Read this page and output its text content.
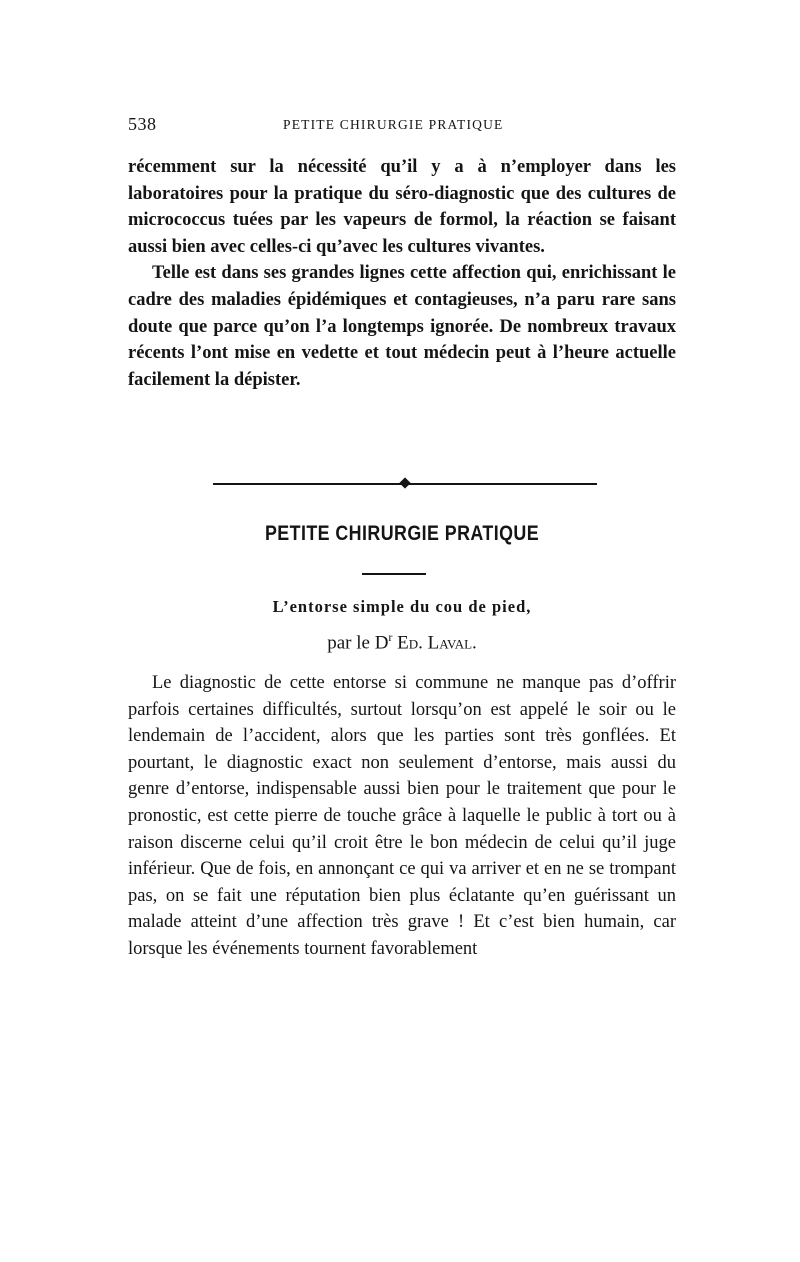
538	PETITE CHIRURGIE PRATIQUE

récemment sur la nécessité qu’il y a à n’employer dans les laboratoires pour la pratique du séro-diagnostic que des cultures de micrococcus tuées par les vapeurs de formol, la réaction se faisant aussi bien avec celles-ci qu’avec les cultures vivantes.

Telle est dans ses grandes lignes cette affection qui, enrichissant le cadre des maladies épidémiques et contagieuses, n’a paru rare sans doute que parce qu’on l’a longtemps ignorée. De nombreux travaux récents l’ont mise en vedette et tout médecin peut à l’heure actuelle facilement la dépister.

PETITE CHIRURGIE PRATIQUE
L’entorse simple du cou de pied,
par le $D^r$ Ed. Laval.

Le diagnostic de cette entorse si commune ne manque pas d’offrir parfois certaines difficultés, surtout lorsqu’on est appelé le soir ou le lendemain de l’accident, alors que les parties sont très gonflées. Et pourtant, le diagnostic exact non seulement d’entorse, mais aussi du genre d’entorse, indispensable aussi bien pour le traitement que pour le pronostic, est cette pierre de touche grâce à laquelle le public à tort ou à raison discerne celui qu’il croit être le bon médecin de celui qu’il juge inférieur. Que de fois, en annonçant ce qui va arriver et en ne se trompant pas, on se fait une réputation bien plus éclatante qu’en guérissant un malade atteint d’une affection très grave ! Et c’est bien humain, car lorsque les événements tournent favorablement
